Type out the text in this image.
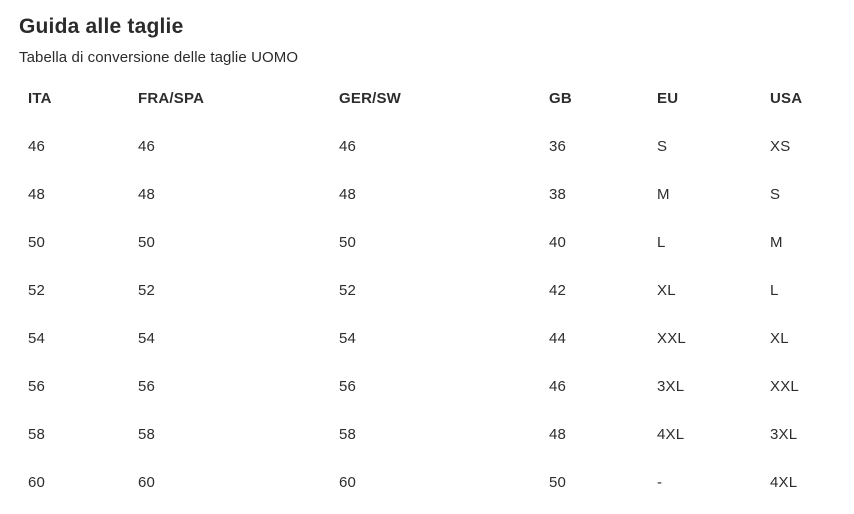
Guida alle taglie

Tabella di conversione delle taglie UOMO

ITA	FRA/SPA	GER/SW	GB	EU	USA
46	46	46	36	S	XS
48	48	48	38	M	S
50	50	50	40	L	M
52	52	52	42	XL	L
54	54	54	44	XXL	XL
56	56	56	46	3XL	XXL
58	58	58	48	4XL	3XL
60	60	60	50	-	4XL
